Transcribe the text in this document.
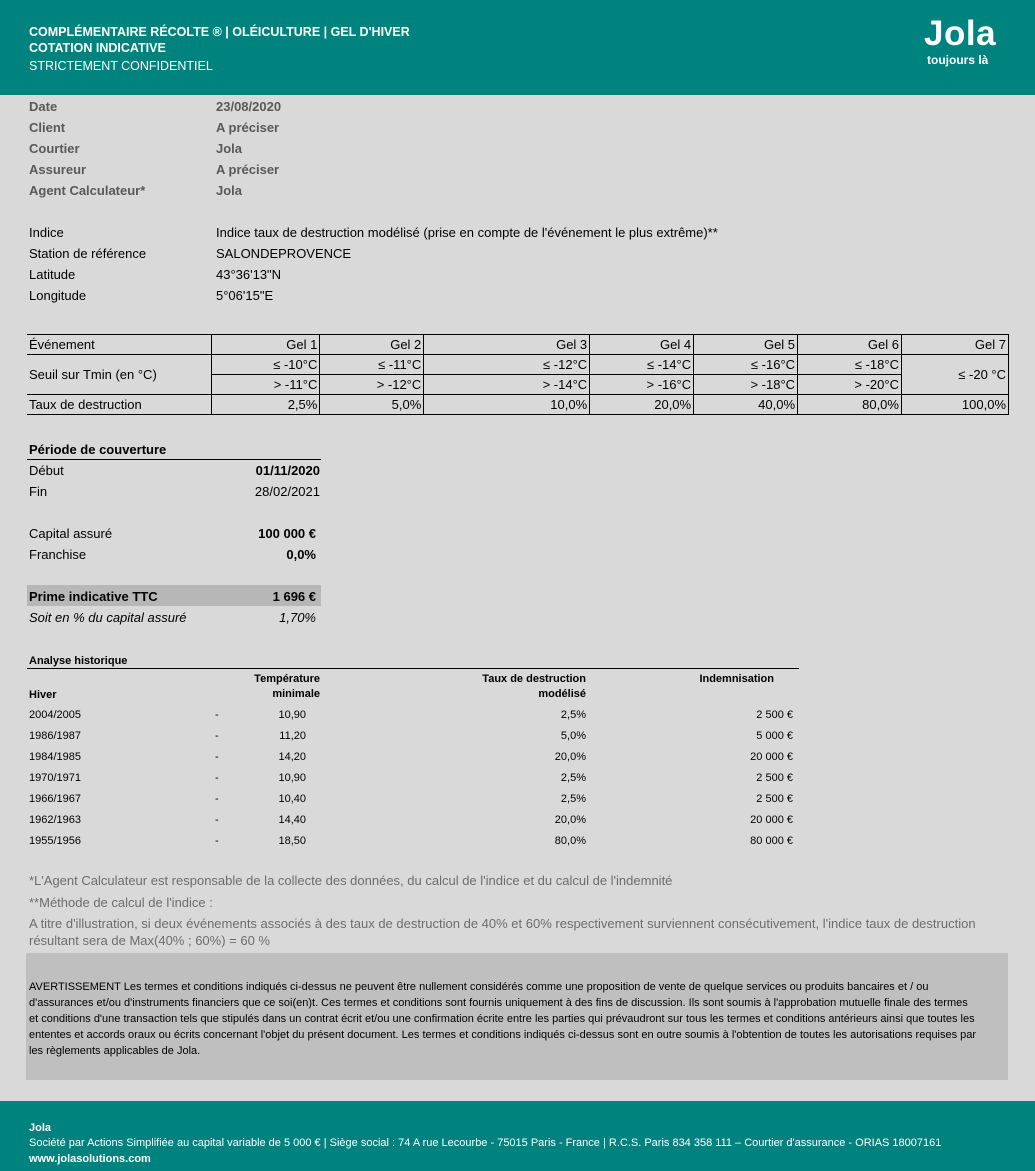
COMPLÉMENTAIRE RÉCOLTE ® | OLÉICULTURE | GEL D'HIVER
COTATION INDICATIVE
STRICTEMENT CONFIDENTIEL
Jola
toujours là
Date	23/08/2020
Client	A préciser
Courtier	Jola
Assureur	A préciser
Agent Calculateur*	Jola
Indice	Indice taux de destruction modélisé (prise en compte de l'événement le plus extrême)**
Station de référence	SALONDEPROVENCE
Latitude	43°36'13"N
Longitude	5°06'15"E
Événement	Gel 1	Gel 2	Gel 3	Gel 4	Gel 5	Gel 6	Gel 7
Seuil sur Tmin (en °C)	≤ -10°C	≤ -11°C	≤ -12°C	≤ -14°C	≤ -16°C	≤ -18°C	≤ -20 °C
	> -11°C	> -12°C	> -14°C	> -16°C	> -18°C	> -20°C	
Taux de destruction	2,5%	5,0%	10,0%	20,0%	40,0%	80,0%	100,0%
Période de couverture
Début	01/11/2020
Fin	28/02/2021
Capital assuré	100 000 €
Franchise	0,0%
Prime indicative TTC	1 696 €
Soit en % du capital assuré	1,70%
Analyse historique
Température
minimale
Taux de destruction
modélisé
Indemnisation
Hiver
2004/2005	-	10,90	2,5%	2 500 €
1986/1987	-	11,20	5,0%	5 000 €
1984/1985	-	14,20	20,0%	20 000 €
1970/1971	-	10,90	2,5%	2 500 €
1966/1967	-	10,40	2,5%	2 500 €
1962/1963	-	14,40	20,0%	20 000 €
1955/1956	-	18,50	80,0%	80 000 €
*L'Agent Calculateur est responsable de la collecte des données, du calcul de l'indice et du calcul de l'indemnité
**Méthode de calcul de l'indice :
A titre d'illustration, si deux événements associés à des taux de destruction de 40% et 60% respectivement surviennent consécutivement, l'indice taux de destruction
résultant sera de Max(40% ; 60%) = 60 %
AVERTISSEMENT Les termes et conditions indiqués ci-dessus ne peuvent être nullement considérés comme une proposition de vente de quelque services ou produits bancaires et / ou d'assurances et/ou d'instruments financiers que ce soi(en)t. Ces termes et conditions sont fournis uniquement à des fins de discussion. Ils sont soumis à l'approbation mutuelle finale des termes et conditions d'une transaction tels que stipulés dans un contrat écrit et/ou une confirmation écrite entre les parties qui prévaudront sur tous les termes et conditions antérieurs ainsi que toutes les ententes et accords oraux ou écrits concernant l'objet du présent document. Les termes et conditions indiqués ci-dessus sont en outre soumis à l'obtention de toutes les autorisations requises par les règlements applicables de Jola.
Jola
Société par Actions Simplifiée au capital variable de 5 000 € | Siège social : 74 A rue Lecourbe - 75015 Paris - France | R.C.S. Paris 834 358 111 – Courtier d'assurance - ORIAS 18007161
www.jolasolutions.com
